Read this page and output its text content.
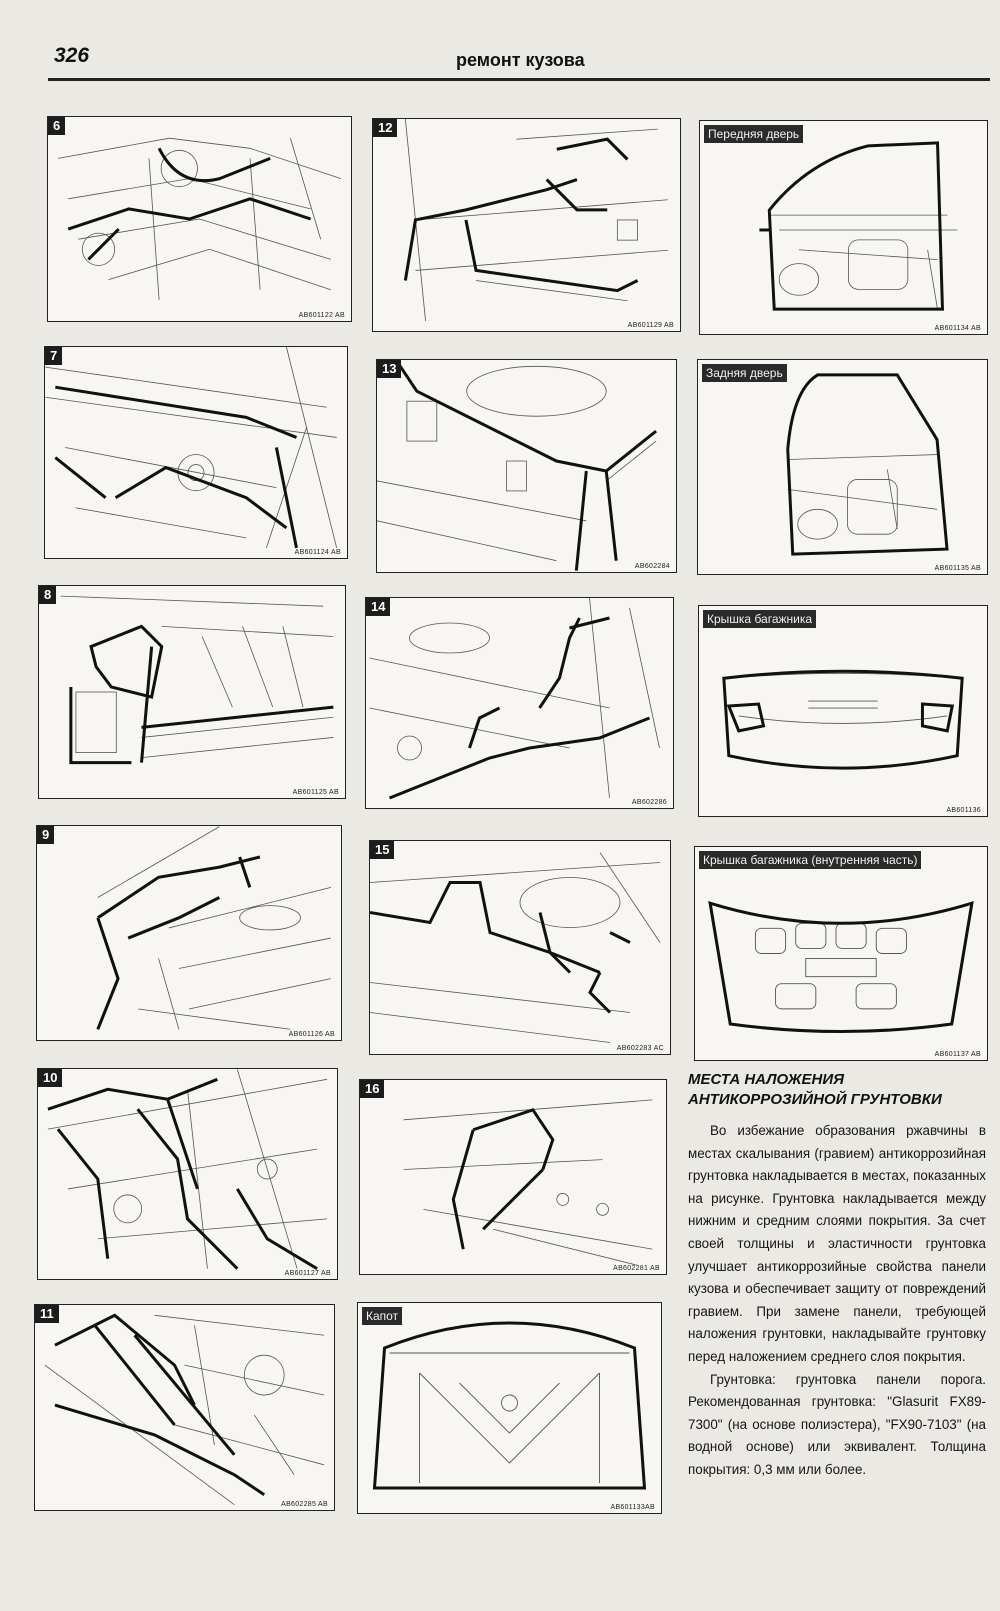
326	ремонт кузова
6
AB601122 AB
7
AB601124 AB
8
AB601125 AB
9
AB601126 AB
10
AB601127 AB
11
AB602285 AB
12
AB601129 AB
13
AB602284
14
AB602286
15
AB602283 AC
16
AB602281 AB
Капот
AB601133AB
Передняя дверь
AB601134 AB
Задняя дверь
AB601135 AB
Крышка багажника
AB601136
Крышка багажника (внутренняя часть)
AB601137 AB
МЕСТА НАЛОЖЕНИЯ
АНТИКОРРОЗИЙНОЙ ГРУНТОВКИ

Во избежание образования ржавчины в местах скалывания (гравием) антикоррозийная грунтовка накладывается в местах, показанных на рисунке. Грунтовка накладывается между нижним и средним слоями покрытия. За счет своей толщины и эластичности грунтовка улучшает антикоррозийные свойства панели кузова и обеспечивает защиту от повреждений гравием. При замене панели, требующей наложения грунтовки, накладывайте грунтовку перед наложением среднего слоя покрытия.

Грунтовка: грунтовка панели порога. Рекомендованная грунтовка: "Glasurit FX89-7300" (на основе полиэстера), "FX90-7103" (на водной основе) или эквивалент. Толщина покрытия: 0,3 мм или более.
